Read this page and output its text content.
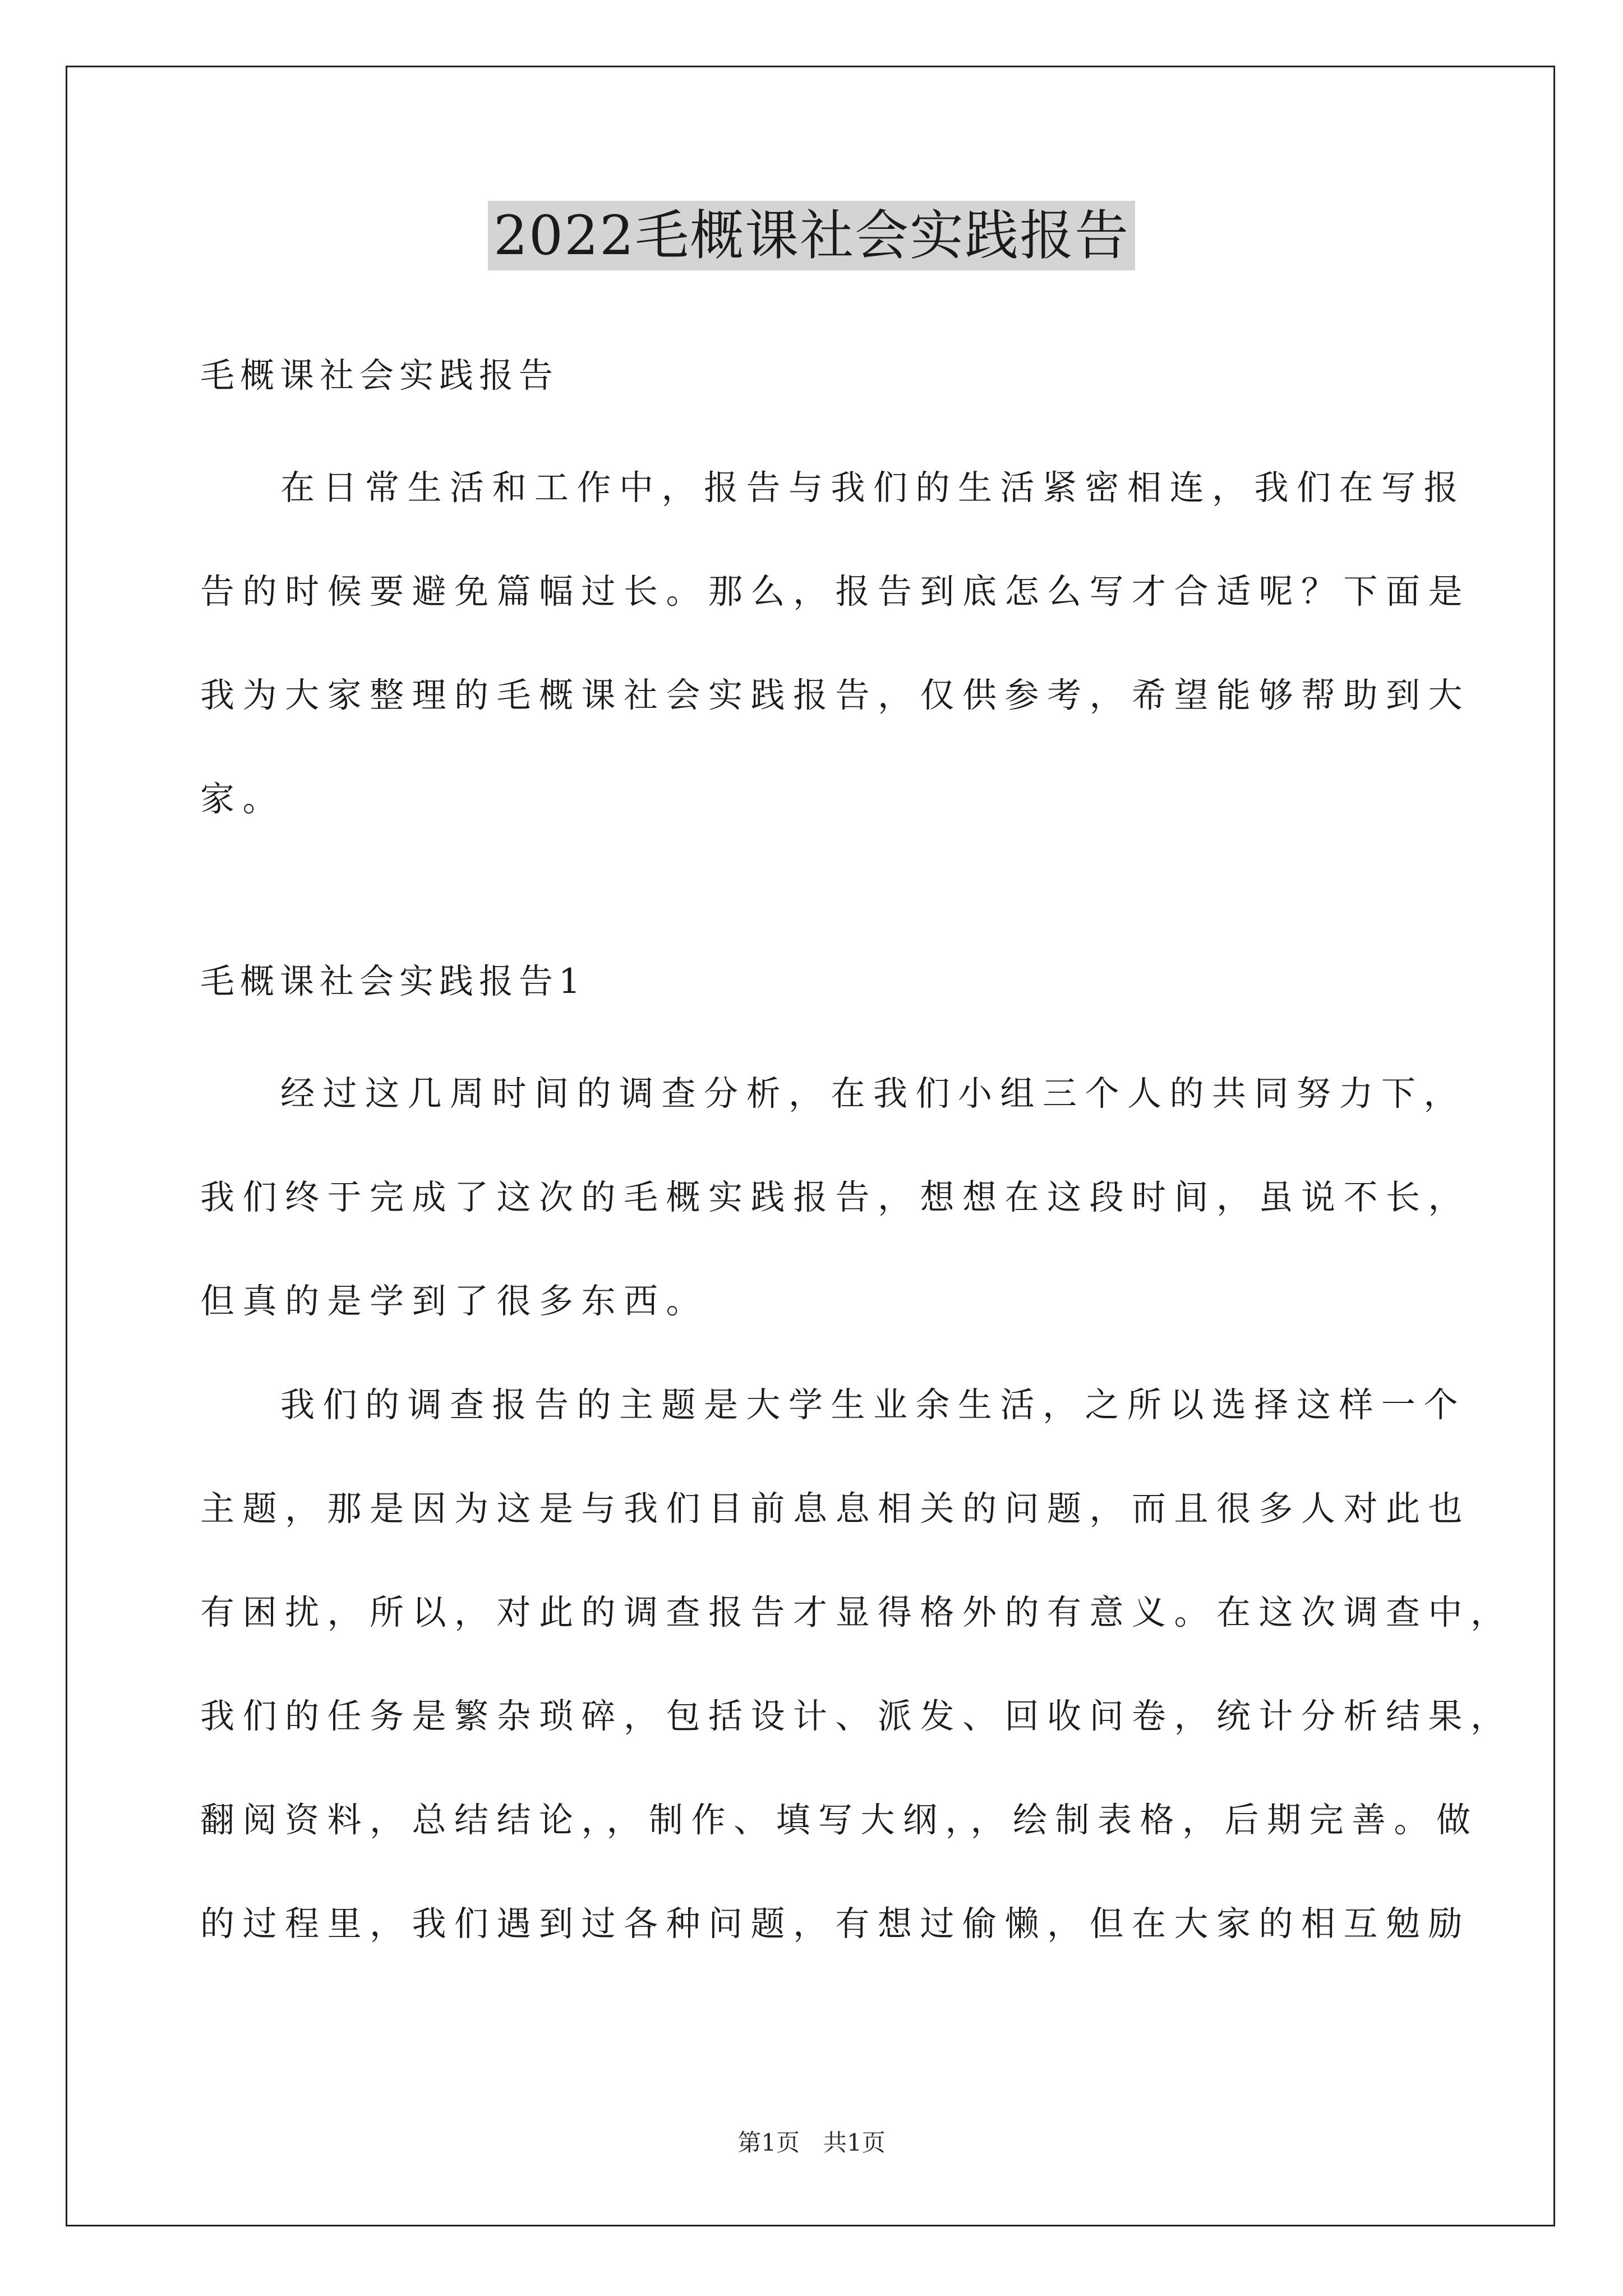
2022毛概课社会实践报告
毛概课社会实践报告
在日常生活和工作中，报告与我们的生活紧密相连，我们在写报
告的时候要避免篇幅过长。那么，报告到底怎么写才合适呢？下面是
我为大家整理的毛概课社会实践报告，仅供参考，希望能够帮助到大
家。
毛概课社会实践报告1
经过这几周时间的调查分析，在我们小组三个人的共同努力下，
我们终于完成了这次的毛概实践报告，想想在这段时间，虽说不长，
但真的是学到了很多东西。
我们的调查报告的主题是大学生业余生活，之所以选择这样一个
主题，那是因为这是与我们目前息息相关的问题，而且很多人对此也
有困扰，所以，对此的调查报告才显得格外的有意义。在这次调查中，
我们的任务是繁杂琐碎，包括设计、派发、回收问卷，统计分析结果，
翻阅资料，总结结论，，制作、填写大纲，，绘制表格，后期完善。做
的过程里，我们遇到过各种问题，有想过偷懒，但在大家的相互勉励
第1页　共1页
